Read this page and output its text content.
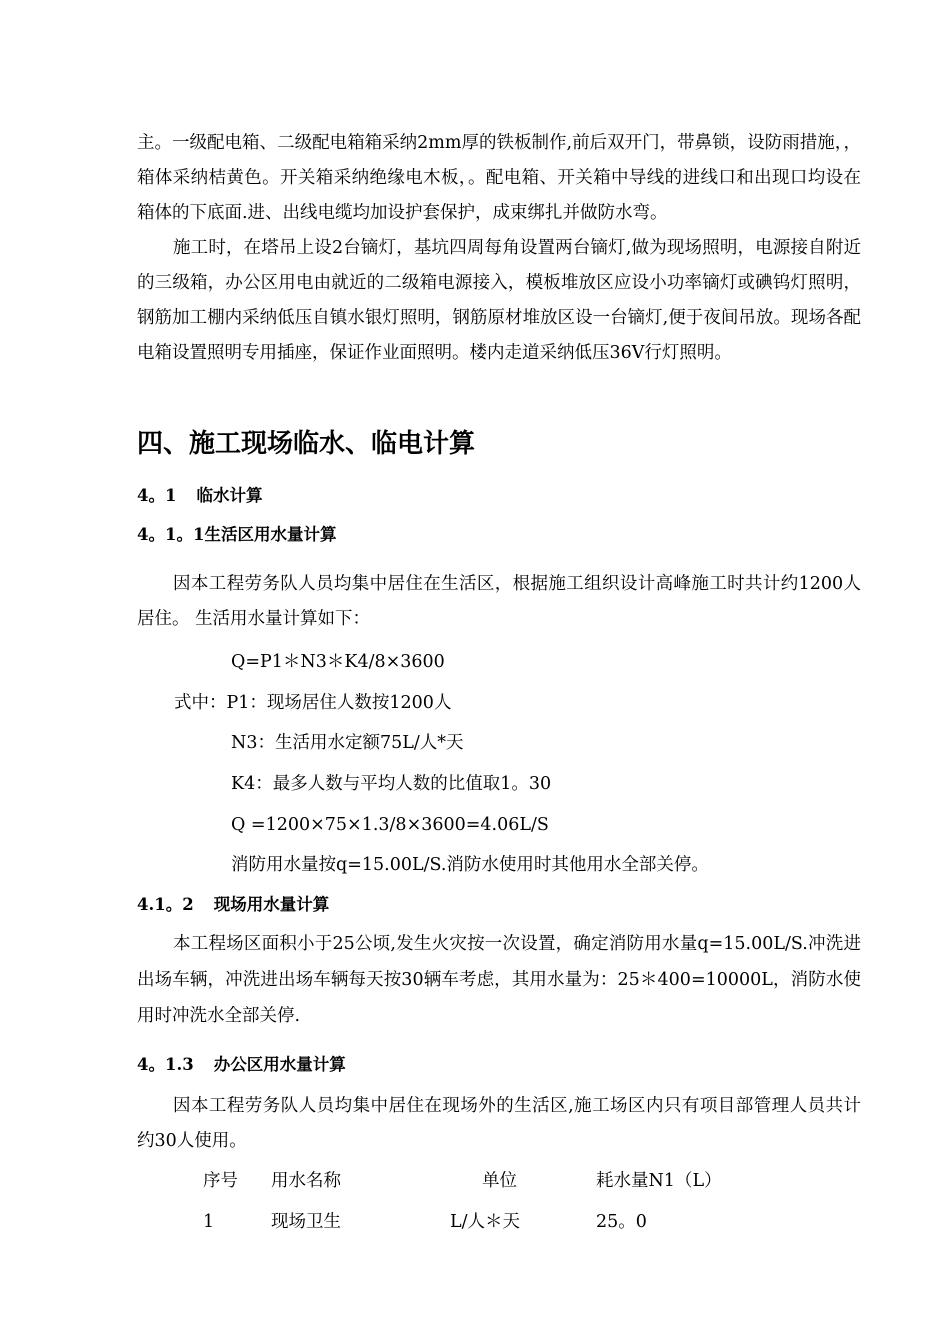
主。一级配电箱、二级配电箱箱采纳2mm厚的铁板制作,前后双开门，带鼻锁，设防雨措施，，箱体采纳桔黄色。开关箱采纳绝缘电木板，。配电箱、开关箱中导线的进线口和出现口均设在箱体的下底面.进、出线电缆均加设护套保护，成束绑扎并做防水弯。

施工时，在塔吊上设2台镝灯，基坑四周每角设置两台镝灯,做为现场照明，电源接自附近的三级箱，办公区用电由就近的二级箱电源接入，模板堆放区应设小功率镝灯或碘钨灯照明，钢筋加工棚内采纳低压自镇水银灯照明，钢筋原材堆放区设一台镝灯,便于夜间吊放。现场各配电箱设置照明专用插座，保证作业面照明。楼内走道采纳低压36V行灯照明。

四、施工现场临水、临电计算
4。1 临水计算
4。1。1生活区用水量计算

因本工程劳务队人员均集中居住在生活区，根据施工组织设计高峰施工时共计约1200人居住。 生活用水量计算如下：

Q=P1＊N3＊K4/8×3600

式中：P1：现场居住人数按1200人

N3：生活用水定额75L/人*天

K4：最多人数与平均人数的比值取1。30

Q =1200×75×1.3/8×3600=4.06L/S

消防用水量按q=15.00L/S.消防水使用时其他用水全部关停。

4.1。2 现场用水量计算

本工程场区面积小于25公顷,发生火灾按一次设置，确定消防用水量q=15.00L/S.冲洗进出场车辆，冲洗进出场车辆每天按30辆车考虑，其用水量为：25＊400=10000L，消防水使用时冲洗水全部关停.

4。1.3 办公区用水量计算

因本工程劳务队人员均集中居住在现场外的生活区,施工场区内只有项目部管理人员共计约30人使用。

序号 用水名称	单位	耗水量N1（L）
1	现场卫生	L/人＊天	25。0
